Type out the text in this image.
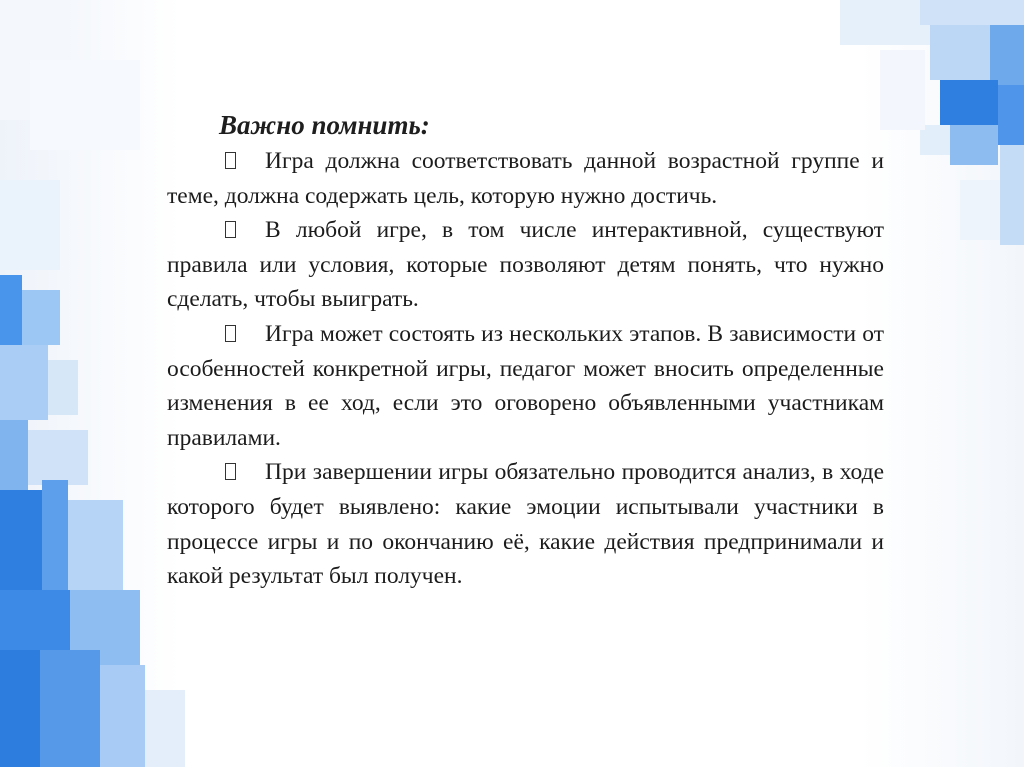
Важно помнить:
Игра должна соответствовать данной возрастной группе и теме, должна содержать цель, которую нужно достичь.
В любой игре, в том числе интерактивной, существуют правила или условия, которые позволяют детям понять, что нужно сделать, чтобы выиграть.
Игра может состоять из нескольких этапов. В зависимости от особенностей конкретной игры, педагог может вносить определенные изменения в ее ход, если это оговорено объявленными участникам правилами.
При завершении игры обязательно проводится анализ, в ходе которого будет выявлено: какие эмоции испытывали участники в процессе игры и по окончанию её, какие действия предпринимали и какой результат был получен.
